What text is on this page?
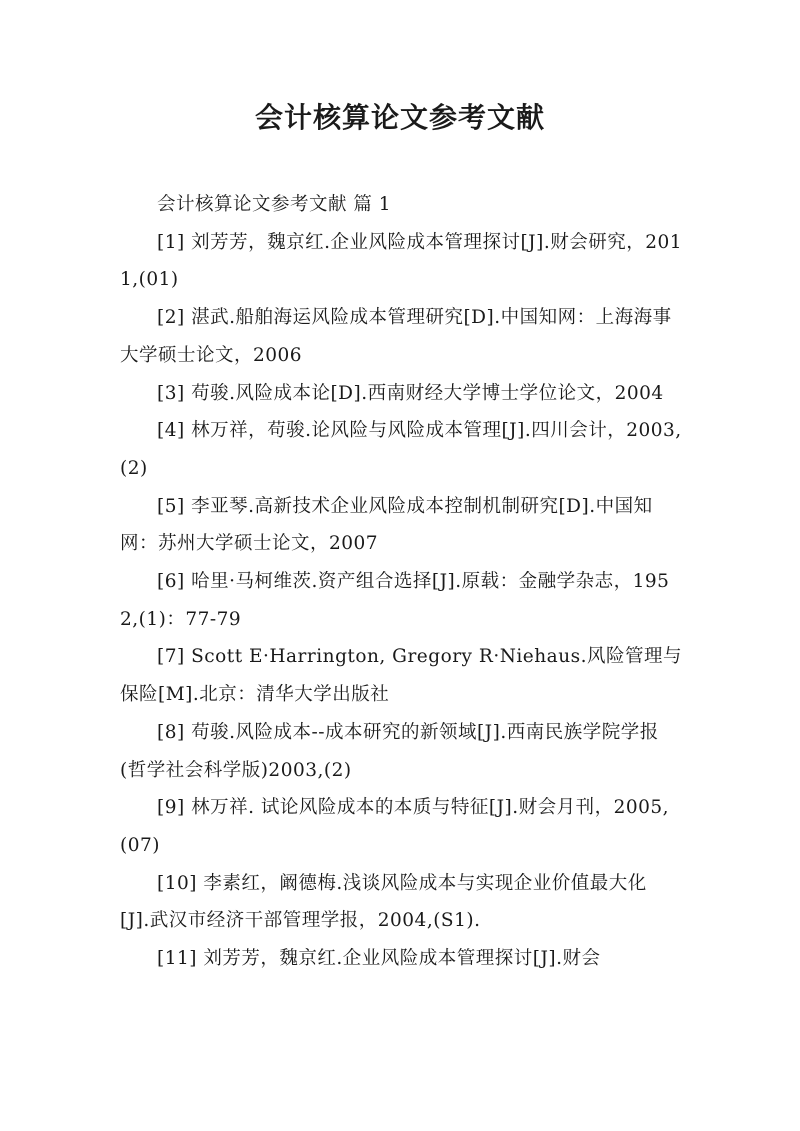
会计核算论文参考文献

会计核算论文参考文献 篇 1

[1] 刘芳芳，魏京红.企业风险成本管理探讨[J].财会研究，2011,(01)

[2] 湛武.船舶海运风险成本管理研究[D].中国知网：上海海事大学硕士论文，2006

[3] 苟骏.风险成本论[D].西南财经大学博士学位论文，2004

[4] 林万祥，苟骏.论风险与风险成本管理[J].四川会计，2003,(2)

[5] 李亚琴.高新技术企业风险成本控制机制研究[D].中国知网：苏州大学硕士论文，2007

[6] 哈里·马柯维茨.资产组合选择[J].原载：金融学杂志，1952,(1)：77-79

[7] Scott E·Harrington, Gregory R·Niehaus.风险管理与保险[M].北京：清华大学出版社

[8] 苟骏.风险成本--成本研究的新领域[J].西南民族学院学报(哲学社会科学版)2003,(2)

[9] 林万祥. 试论风险成本的本质与特征[J].财会月刊，2005,(07)

[10] 李素红，阚德梅.浅谈风险成本与实现企业价值最大化 [J].武汉市经济干部管理学报，2004,(S1).

[11] 刘芳芳，魏京红.企业风险成本管理探讨[J].财会
